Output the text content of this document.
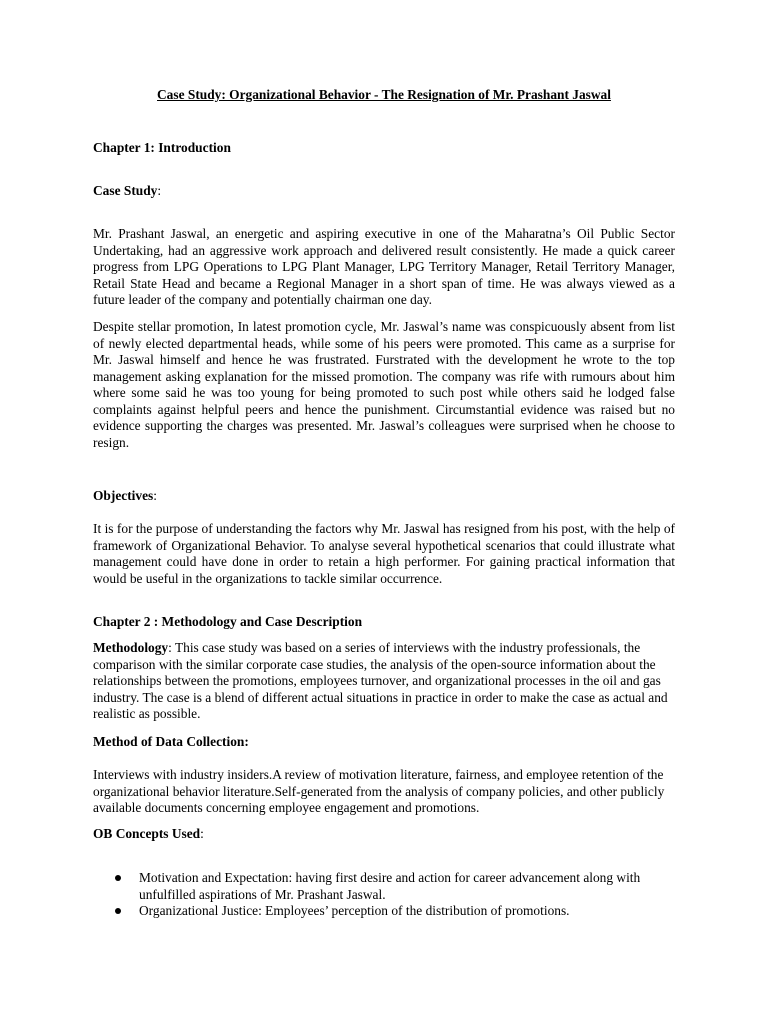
Case Study: Organizational Behavior - The Resignation of Mr. Prashant Jaswal
Chapter 1: Introduction
Case Study:
Mr. Prashant Jaswal, an energetic and aspiring executive in one of the Maharatna’s Oil Public Sector Undertaking, had an aggressive work approach and delivered result consistently. He made a quick career progress from LPG Operations to LPG Plant Manager, LPG Territory Manager, Retail Territory Manager, Retail State Head and became a Regional Manager in a short span of time. He was always viewed as a future leader of the company and potentially chairman one day.
Despite stellar promotion, In latest promotion cycle, Mr. Jaswal’s name was conspicuously absent from list of newly elected departmental heads, while some of his peers were promoted. This came as a surprise for Mr. Jaswal himself and hence he was frustrated. Furstrated with the development he wrote to the top management asking explanation for the missed promotion. The company was rife with rumours about him where some said he was too young for being promoted to such post while others said he lodged false complaints against helpful peers and hence the punishment. Circumstantial evidence was raised but no evidence supporting the charges was presented. Mr. Jaswal’s colleagues were surprised when he choose to resign.
Objectives:
It is for the purpose of understanding the factors why Mr. Jaswal has resigned from his post, with the help of framework of Organizational Behavior. To analyse several hypothetical scenarios that could illustrate what management could have done in order to retain a high performer. For gaining practical information that would be useful in the organizations to tackle similar occurrence.
Chapter 2 : Methodology and Case Description
Methodology: This case study was based on a series of interviews with the industry professionals, the comparison with the similar corporate case studies, the analysis of the open-source information about the relationships between the promotions, employees turnover, and organizational processes in the oil and gas industry. The case is a blend of different actual situations in practice in order to make the case as actual and realistic as possible.
Method of Data Collection:
Interviews with industry insiders.A review of motivation literature, fairness, and employee retention of the organizational behavior literature.Self-generated from the analysis of company policies, and other publicly available documents concerning employee engagement and promotions.
OB Concepts Used:
Motivation and Expectation: having first desire and action for career advancement along with unfulfilled aspirations of Mr. Prashant Jaswal.
Organizational Justice: Employees’ perception of the distribution of promotions.
